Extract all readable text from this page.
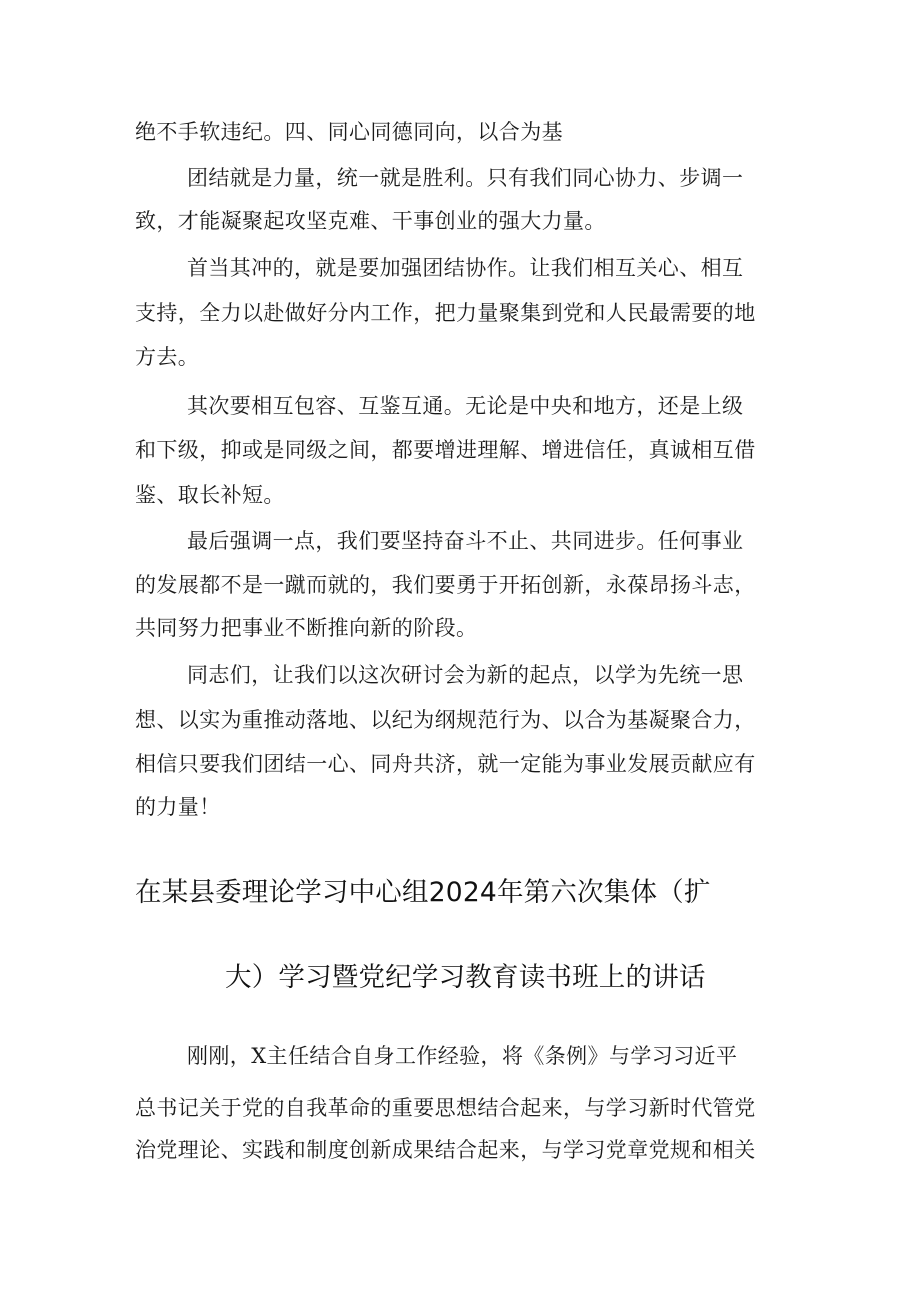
绝不手软违纪。四、同心同德同向，以合为基
团结就是力量，统一就是胜利。只有我们同心协力、步调一
致，才能凝聚起攻坚克难、干事创业的强大力量。
首当其冲的，就是要加强团结协作。让我们相互关心、相互
支持，全力以赴做好分内工作，把力量聚集到党和人民最需要的地
方去。
其次要相互包容、互鉴互通。无论是中央和地方，还是上级
和下级，抑或是同级之间，都要增进理解、增进信任，真诚相互借
鉴、取长补短。
最后强调一点，我们要坚持奋斗不止、共同进步。任何事业
的发展都不是一蹴而就的，我们要勇于开拓创新，永葆昂扬斗志，
共同努力把事业不断推向新的阶段。
同志们，让我们以这次研讨会为新的起点，以学为先统一思
想、以实为重推动落地、以纪为纲规范行为、以合为基凝聚合力，
相信只要我们团结一心、同舟共济，就一定能为事业发展贡献应有
的力量！
在某县委理论学习中心组2024年第六次集体（扩
大）学习暨党纪学习教育读书班上的讲话
刚刚，X主任结合自身工作经验，将《条例》与学习习近平
总书记关于党的自我革命的重要思想结合起来，与学习新时代管党
治党理论、实践和制度创新成果结合起来，与学习党章党规和相关
